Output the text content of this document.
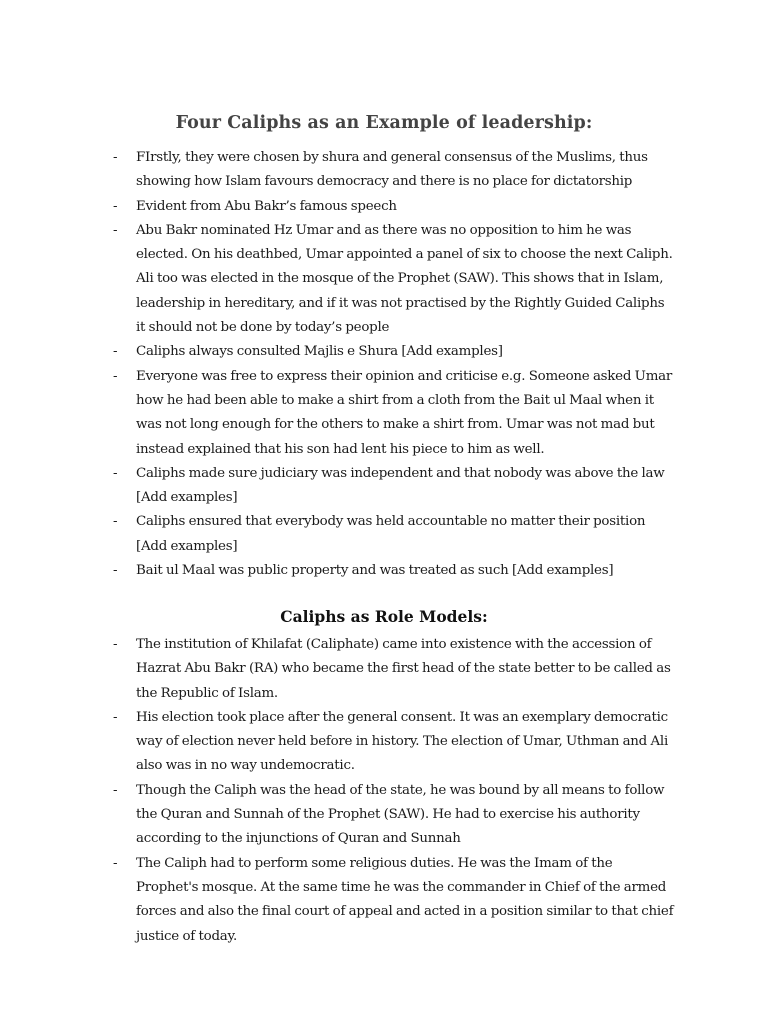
Four Caliphs as an Example of leadership:
- FIrstly, they were chosen by shura and general consensus of the Muslims, thus showing how Islam favours democracy and there is no place for dictatorship
- Evident from Abu Bakr’s famous speech
- Abu Bakr nominated Hz Umar and as there was no opposition to him he was elected. On his deathbed, Umar appointed a panel of six to choose the next Caliph. Ali too was elected in the mosque of the Prophet (SAW). This shows that in Islam, leadership in hereditary, and if it was not practised by the Rightly Guided Caliphs it should not be done by today’s people
- Caliphs always consulted Majlis e Shura [Add examples]
- Everyone was free to express their opinion and criticise e.g. Someone asked Umar how he had been able to make a shirt from a cloth from the Bait ul Maal when it was not long enough for the others to make a shirt from. Umar was not mad but instead explained that his son had lent his piece to him as well.
- Caliphs made sure judiciary was independent and that nobody was above the law [Add examples]
- Caliphs ensured that everybody was held accountable no matter their position [Add examples]
- Bait ul Maal was public property and was treated as such [Add examples]
Caliphs as Role Models:
- The institution of Khilafat (Caliphate) came into existence with the accession of Hazrat Abu Bakr (RA) who became the first head of the state better to be called as the Republic of Islam.
- His election took place after the general consent. It was an exemplary democratic way of election never held before in history. The election of Umar, Uthman and Ali also was in no way undemocratic.
- Though the Caliph was the head of the state, he was bound by all means to follow the Quran and Sunnah of the Prophet (SAW). He had to exercise his authority according to the injunctions of Quran and Sunnah
- The Caliph had to perform some religious duties. He was the Imam of the Prophet's mosque. At the same time he was the commander in Chief of the armed forces and also the final court of appeal and acted in a position similar to that chief justice of today.
